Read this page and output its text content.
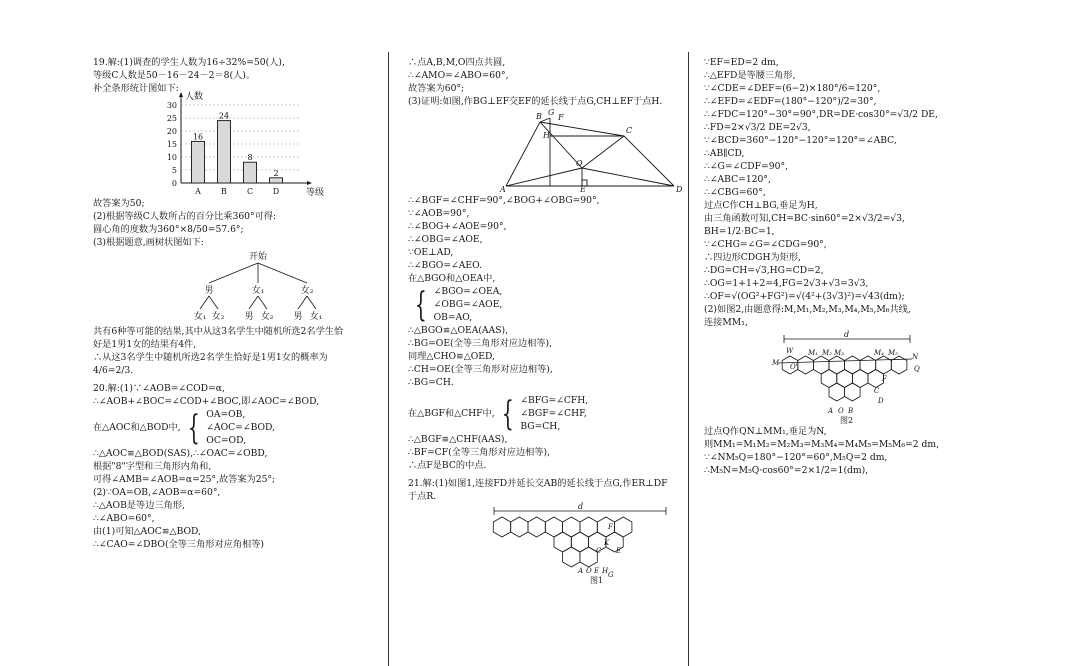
19.解:(1)调查的学生人数为16÷32%=50(人),

等级C人数是50－16－24－2＝8(人)。

补全条形统计图如下:

0
5
10
15
20
25
30
人数
等级
16
A
24
B
8
C
2
D

故答案为50;

(2)根据等级C人数所占的百分比乘360°可得:

圆心角的度数为360°×8/50=57.6°;

(3)根据题意,画树状图如下:

开始
男
女₁ 女₂
女₁
男 女₂
女₂
男 女₁

共有6种等可能的结果,其中从这3名学生中随机所选2名学生恰

好是1男1女的结果有4件,

∴从这3名学生中随机所选2名学生恰好是1男1女的概率为

4/6=2/3.

20.解:(1)∵∠AOB=∠COD=α,

∴∠AOB+∠BOC=∠COD+∠BOC,即∠AOC=∠BOD,

在△AOC和△BOD中, { OA=OB,

∠AOC=∠BOD,

OC=OD,

∴△AOC≌△BOD(SAS),∴∠OAC=∠OBD,

根据"8"字型和三角形内角和,

可得∠AMB=∠AOB=α=25°,故答案为25°;

(2)∵OA=OB,∠AOB=α=60°,

∴△AOB是等边三角形,

∴∠ABO=60°,

由(1)可知△AOC≌△BOD,

∴∠CAO=∠DBO(全等三角形对应角相等)

∴点A,B,M,O四点共圆,

∴∠AMO=∠ABO=60°,

故答案为60°;

(3)证明:如图,作BG⊥EF交EF的延长线于点G,CH⊥EF于点H.

B G
F
C
H
O
A	E	D

∴∠BGF=∠CHF=90°,∠BOG+∠OBG=90°,

∵∠AOB=90°,

∴∠BOG+∠AOE=90°,

∴∠OBG=∠AOE,

∵OE⊥AD,

∴∠BGO=∠AEO.

在△BGO和△OEA中,

{ ∠BGO=∠OEA,

∠OBG=∠AOE,

OB=AO,

∴△BGO≌△OEA(AAS),

∴BG=OE(全等三角形对应边相等),

同理△CHO≌△OED,

∴CH=OE(全等三角形对应边相等),

∴BG=CH.

在△BGF和△CHF中, { ∠BFG=∠CFH,

∠BGF=∠CHF,

BG=CH,

∴△BGF≌△CHF(AAS),

∴BF=CF(全等三角形对应边相等),

∴点F是BC的中点.

21.解:(1)如图1,连接FD并延长交AB的延长线于点G,作ER⊥DF

于点R.

d
F
K
C E
A O E H G
图1

∵EF=ED=2 dm,

∴△EFD是等腰三角形,

∵∠CDE=∠DEF=(6−2)×180°/6=120°,

∴∠EFD=∠EDF=(180°−120°)/2=30°,

∴∠FDC=120°−30°=90°,DR=DE·cos30°=√3/2 DE,

∴FD=2×√3/2 DE=2√3,

∵∠BCD=360°−120°−120°=120°=∠ABC,

∴AB∥CD,

∴∠G=∠CDF=90°,

∴∠ABC=120°,

∴∠CBG=60°,

过点C作CH⊥BG,垂足为H,

由三角函数可知,CH=BC·sin60°=2×√3/2=√3,

BH=1/2·BC=1,

∵∠CHG=∠G=∠CDG=90°,

∴四边形CDGH为矩形,

∴DG=CH=√3,HG=CD=2,

∴OG=1+1+2=4,FG=2√3+√3=3√3,

∴OF=√(OG²+FG²)=√(4²+(3√3)²)=√43(dm);

(2)如图2,由题意得:M,M₁,M₂,M₃,M₄,M₅,M₆共线,

连接MM₁,

d
M
W M₁ M₂ M₃	M₄ M₅ N
O'	Q
F
C
D
A O B
图2

过点Q作QN⊥MM₁,垂足为N,

则MM₁=M₁M₂=M₂M₃=M₃M₄=M₄M₅=M₅M₆=2 dm,

∵∠NM₅Q=180°−120°=60°,M₅Q=2 dm,

∴M₅N=M₅Q·cos60°=2×1/2=1(dm),
